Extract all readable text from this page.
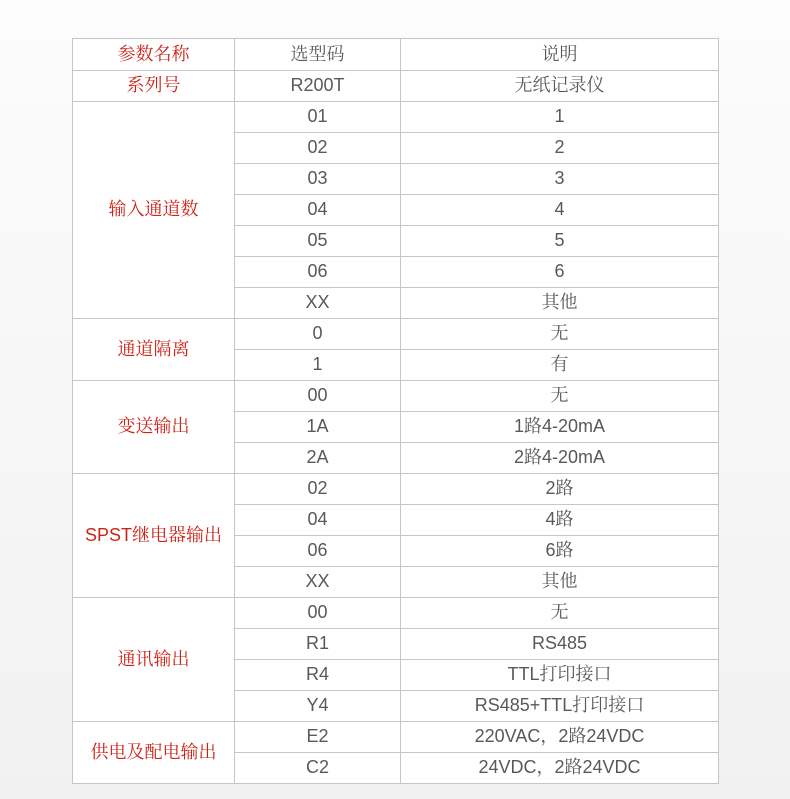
参数名称	选型码	说明
系列号	R200T	无纸记录仪
输入通道数	01	1
	02	2
	03	3
	04	4
	05	5
	06	6
	XX	其他
通道隔离	0	无
	1	有
变送输出	00	无
	1A	1路4-20mA
	2A	2路4-20mA
SPST继电器输出	02	2路
	04	4路
	06	6路
	XX	其他
通讯输出	00	无
	R1	RS485
	R4	TTL打印接口
	Y4	RS485+TTL打印接口
供电及配电输出	E2	220VAC，2路24VDC
	C2	24VDC，2路24VDC
